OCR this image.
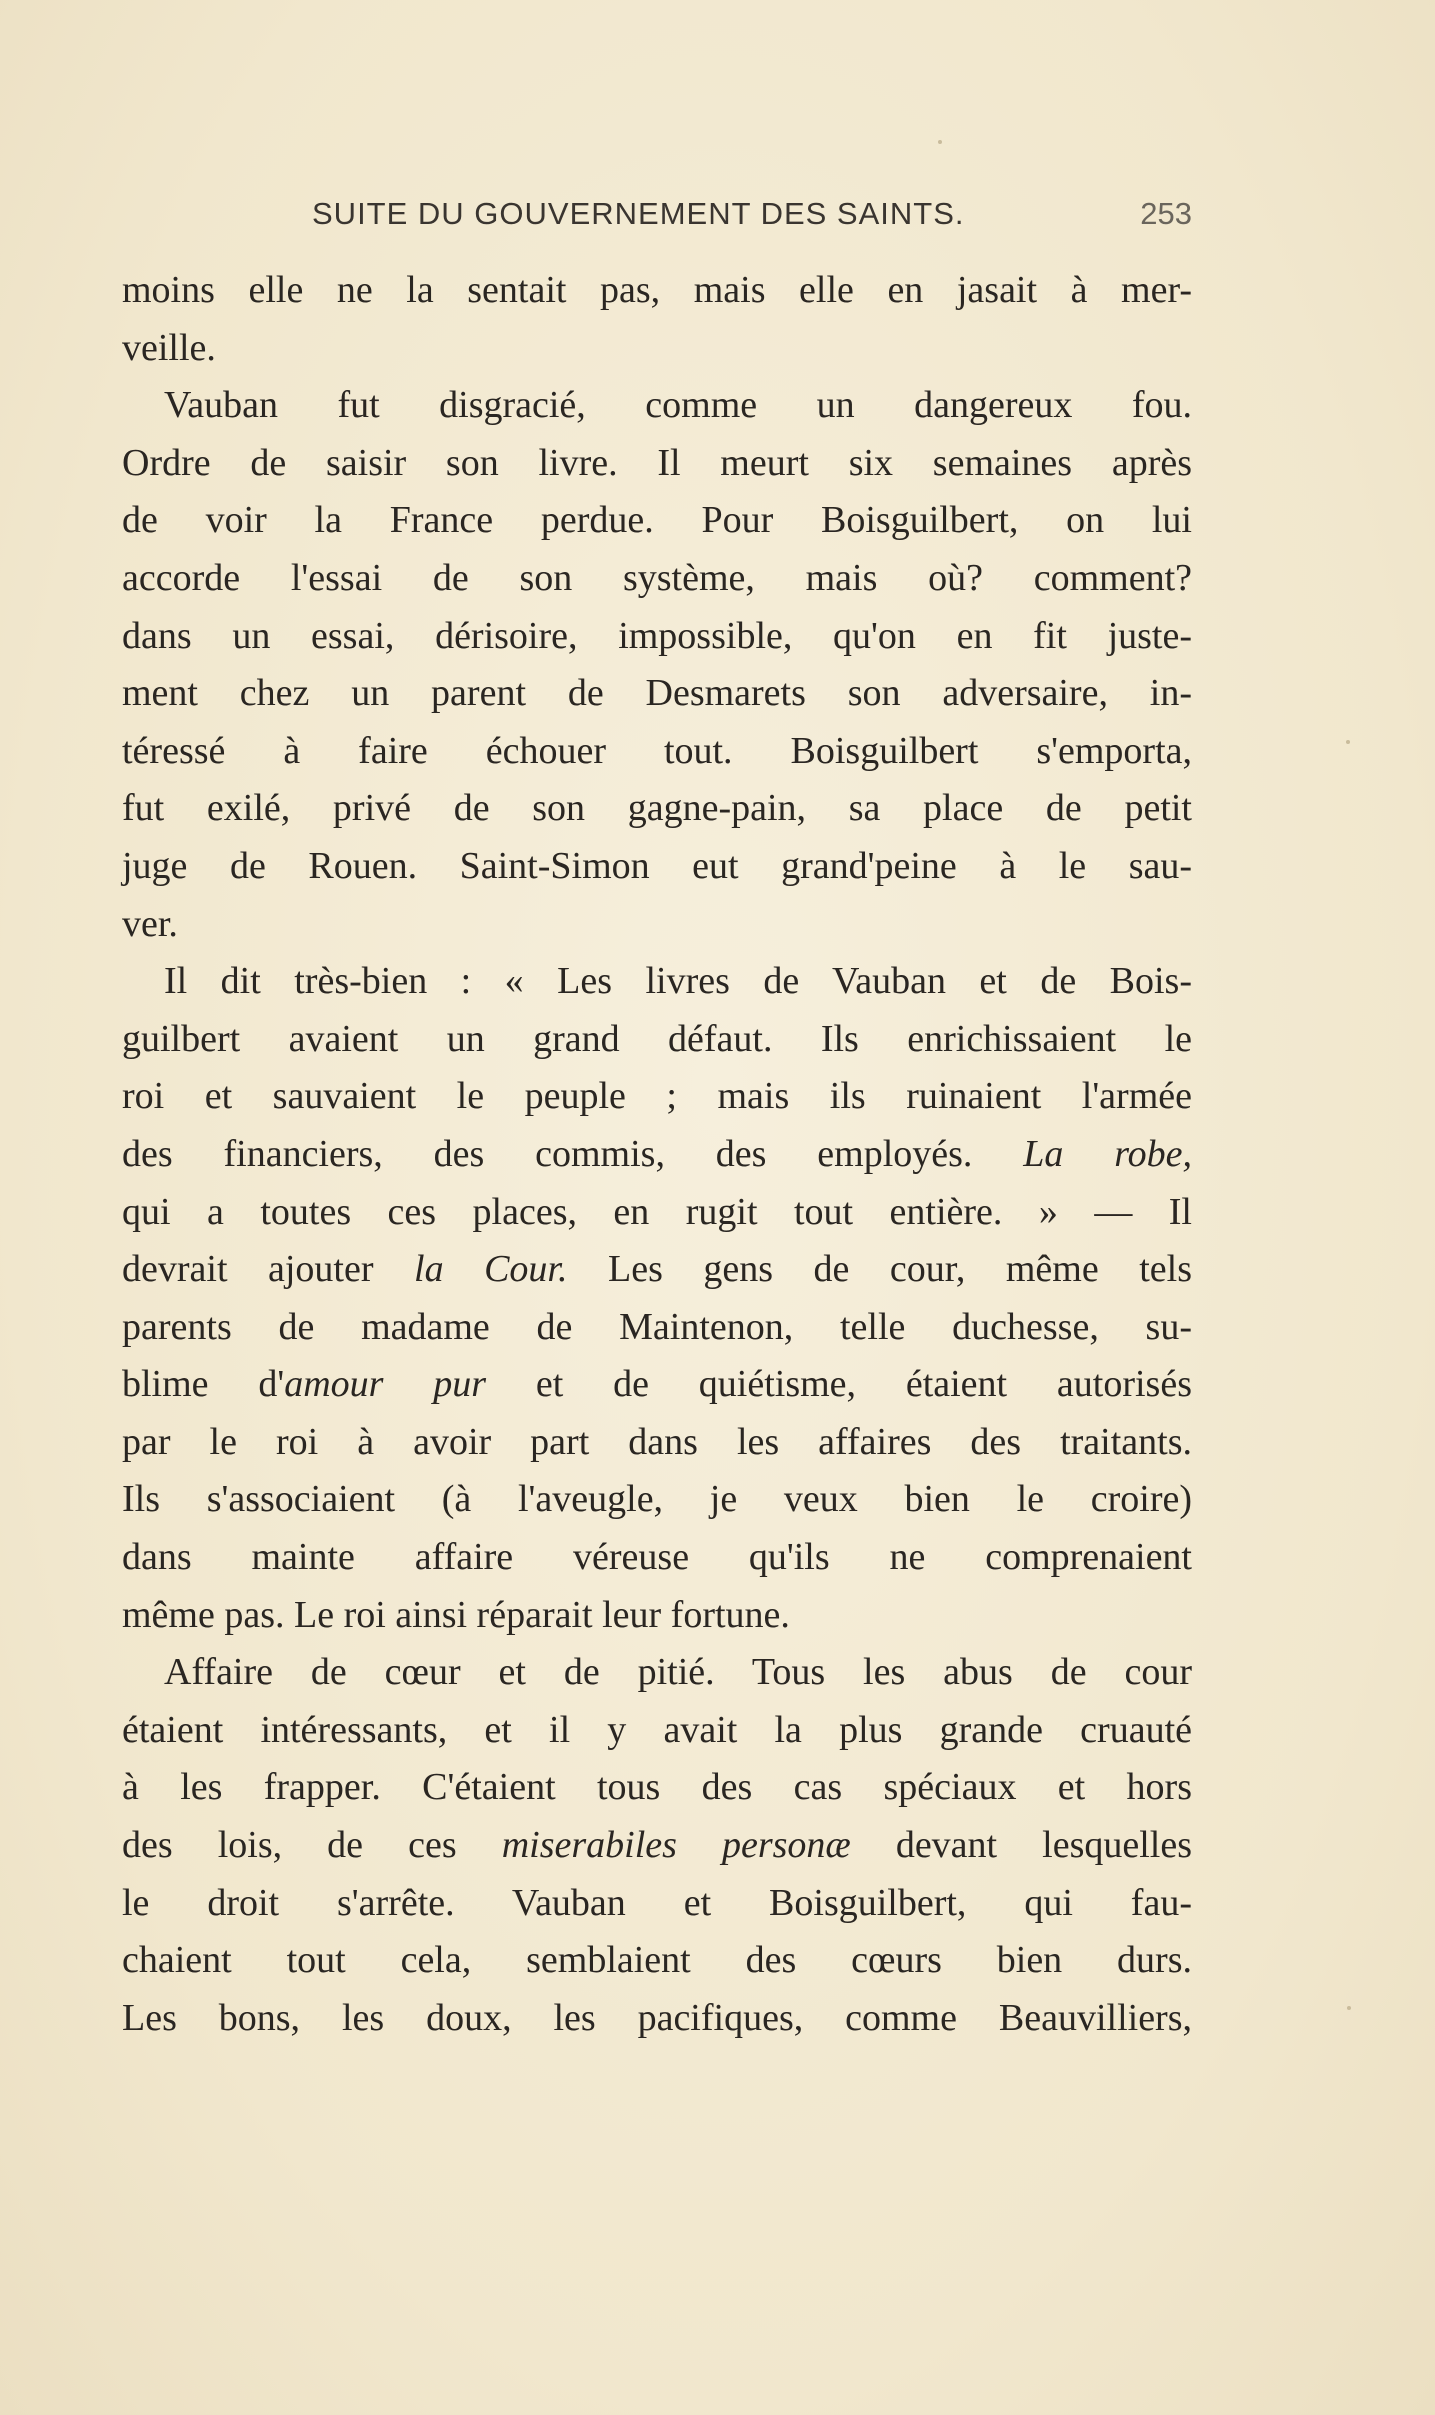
SUITE DU GOUVERNEMENT DES SAINTS.	253
moins elle ne la sentait pas, mais elle en jasait à mer-
veille.
Vauban fut disgracié, comme un dangereux fou.
Ordre de saisir son livre. Il meurt six semaines après
de voir la France perdue. Pour Boisguilbert, on lui
accorde l'essai de son système, mais où? comment?
dans un essai, dérisoire, impossible, qu'on en fit juste-
ment chez un parent de Desmarets son adversaire, in-
téressé à faire échouer tout. Boisguilbert s'emporta,
fut exilé, privé de son gagne-pain, sa place de petit
juge de Rouen. Saint-Simon eut grand'peine à le sau-
ver.
Il dit très-bien : « Les livres de Vauban et de Bois-
guilbert avaient un grand défaut. Ils enrichissaient le
roi et sauvaient le peuple ; mais ils ruinaient l'armée
des financiers, des commis, des employés. La robe,
qui a toutes ces places, en rugit tout entière. » — Il
devrait ajouter la Cour. Les gens de cour, même tels
parents de madame de Maintenon, telle duchesse, su-
blime d'amour pur et de quiétisme, étaient autorisés
par le roi à avoir part dans les affaires des traitants.
Ils s'associaient (à l'aveugle, je veux bien le croire)
dans mainte affaire véreuse qu'ils ne comprenaient
même pas. Le roi ainsi réparait leur fortune.
Affaire de cœur et de pitié. Tous les abus de cour
étaient intéressants, et il y avait la plus grande cruauté
à les frapper. C'étaient tous des cas spéciaux et hors
des lois, de ces miserabiles personæ devant lesquelles
le droit s'arrête. Vauban et Boisguilbert, qui fau-
chaient tout cela, semblaient des cœurs bien durs.
Les bons, les doux, les pacifiques, comme Beauvilliers,
